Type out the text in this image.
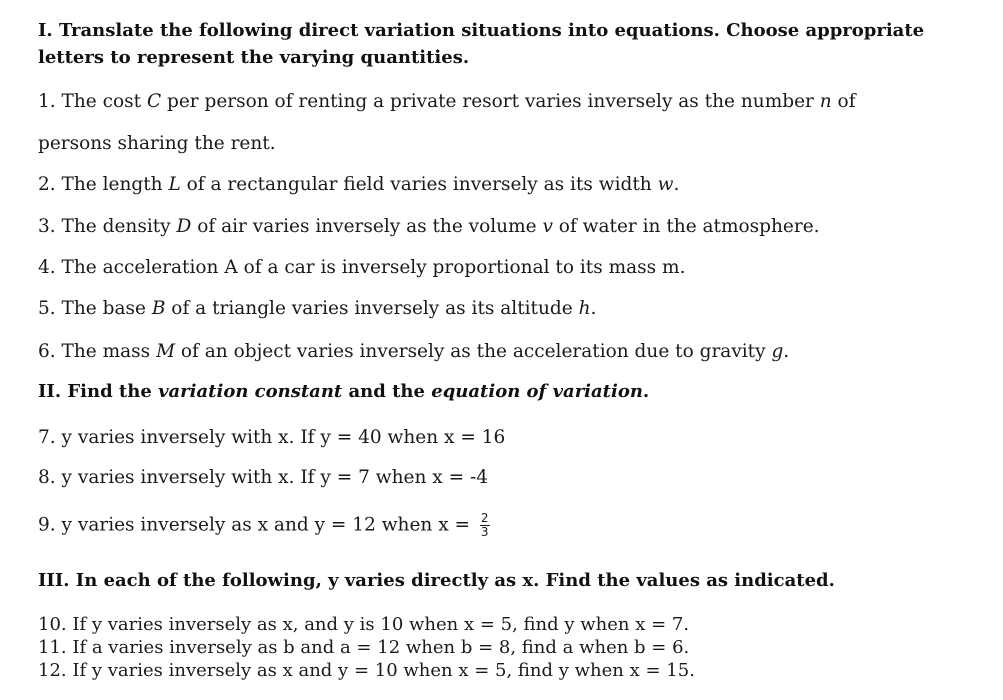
I. Translate the following direct variation situations into equations. Choose appropriate
letters to represent the varying quantities.
1. The cost C per person of renting a private resort varies inversely as the number n of
persons sharing the rent.
2. The length L of a rectangular field varies inversely as its width w.
3. The density D of air varies inversely as the volume v of water in the atmosphere.
4. The acceleration A of a car is inversely proportional to its mass m.
5. The base B of a triangle varies inversely as its altitude h.
6. The mass M of an object varies inversely as the acceleration due to gravity g.
II. Find the variation constant and the equation of variation.
7. y varies inversely with x. If y = 40 when x = 16
8. y varies inversely with x. If y = 7 when x = -4
9. y varies inversely as x and y = 12 when $x = \frac{2}{3}$
III. In each of the following, y varies directly as x. Find the values as indicated.
10. If y varies inversely as x, and y is 10 when x = 5, find y when x = 7.
11. If a varies inversely as b and a = 12 when b = 8, find a when b = 6.
12. If y varies inversely as x and y = 10 when x = 5, find y when x = 15.
